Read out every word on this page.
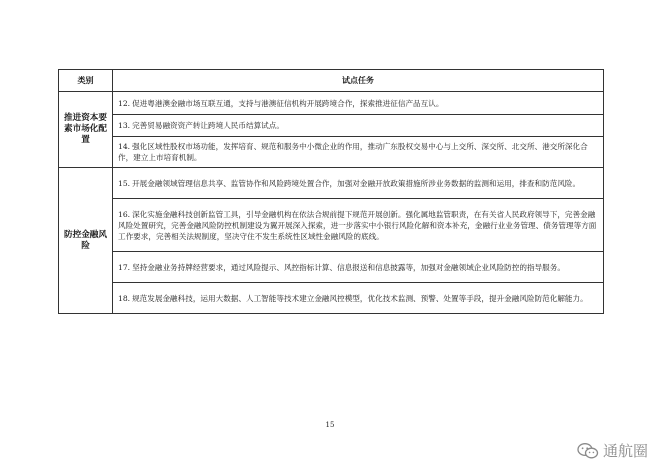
类别	试点任务
推进资本要素市场化配置	12. 促进粤港澳金融市场互联互通，支持与港澳征信机构开展跨境合作，探索推进征信产品互认。
	13. 完善贸易融资资产转让跨境人民币结算试点。
	14. 强化区域性股权市场功能，发挥培育、规范和服务中小微企业的作用，推动广东股权交易中心与上交所、深交所、北交所、港交所深化合作，建立上市培育机制。
防控金融风险	15. 开展金融领域管理信息共享、监管协作和风险跨境处置合作，加强对金融开放政策措施所涉业务数据的监测和运用，排查和防范风险。
	16. 深化实施金融科技创新监管工具，引导金融机构在依法合规前提下规范开展创新。强化属地监管职责，在有关省人民政府领导下，完善金融风险处置研究，完善金融风险防控机制建设为翼开展深入探索，进一步落实中小银行风险化解和资本补充，金融行业业务管理、债务管理等方面工作要求，完善相关法规制度，坚决守住不发生系统性区域性金融风险的底线。
	17. 坚持金融业务持牌经营要求，通过风险提示、风控指标计算、信息报送和信息披露等，加强对金融领域企业风险防控的指导服务。
	18. 规范发展金融科技，运用大数据、人工智能等技术建立金融风控模型，优化技术监测、预警、处置等手段，提升金融风险防范化解能力。
15
通航圈
